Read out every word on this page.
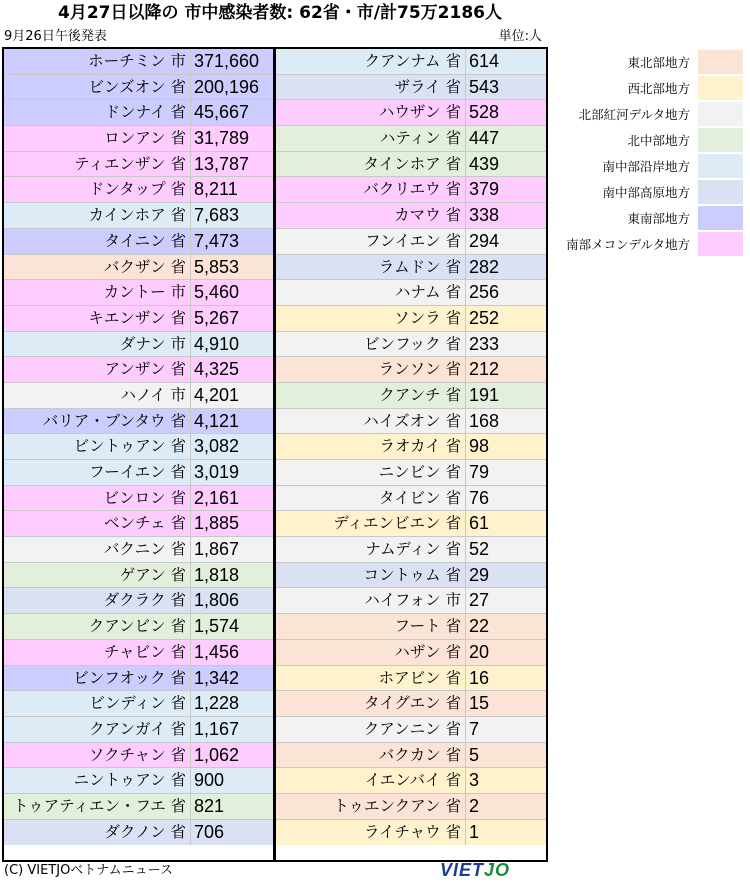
4月27日以降の 市中感染者数: 62省・市/計75万2186人
9月26日午後発表	単位:人
ホーチミン 市 371,660
ビンズオン 省 200,196
ドンナイ 省 45,667
ロンアン 省 31,789
ティエンザン 省 13,787
ドンタップ 省 8,211
カインホア 省 7,683
タイニン 省 7,473
バクザン 省 5,853
カントー 市 5,460
キエンザン 省 5,267
ダナン 市 4,910
アンザン 省 4,325
ハノイ 市 4,201
バリア・ブンタウ 省 4,121
ビントゥアン 省 3,082
フーイエン 省 3,019
ビンロン 省 2,161
ベンチェ 省 1,885
バクニン 省 1,867
ゲアン 省 1,818
ダクラク 省 1,806
クアンビン 省 1,574
チャビン 省 1,456
ビンフオック 省 1,342
ビンディン 省 1,228
クアンガイ 省 1,167
ソクチャン 省 1,062
ニントゥアン 省 900
トゥアティエン・フエ 省 821
ダクノン 省 706
クアンナム 省 614
ザライ 省 543
ハウザン 省 528
ハティン 省 447
タインホア 省 439
バクリエウ 省 379
カマウ 省 338
フンイエン 省 294
ラムドン 省 282
ハナム 省 256
ソンラ 省 252
ビンフック 省 233
ランソン 省 212
クアンチ 省 191
ハイズオン 省 168
ラオカイ 省 98
ニンビン 省 79
タイビン 省 76
ディエンビエン 省 61
ナムディン 省 52
コントゥム 省 29
ハイフォン 市 27
フート 省 22
ハザン 省 20
ホアビン 省 16
タイグエン 省 15
クアンニン 省 7
バクカン 省 5
イエンバイ 省 3
トゥエンクアン 省 2
ライチャウ 省 1
東北部地方
西北部地方
北部紅河デルタ地方
北中部地方
南中部沿岸地方
南中部高原地方
東南部地方
南部メコンデルタ地方
(C) VIETJOベトナムニュース	VIETJO
